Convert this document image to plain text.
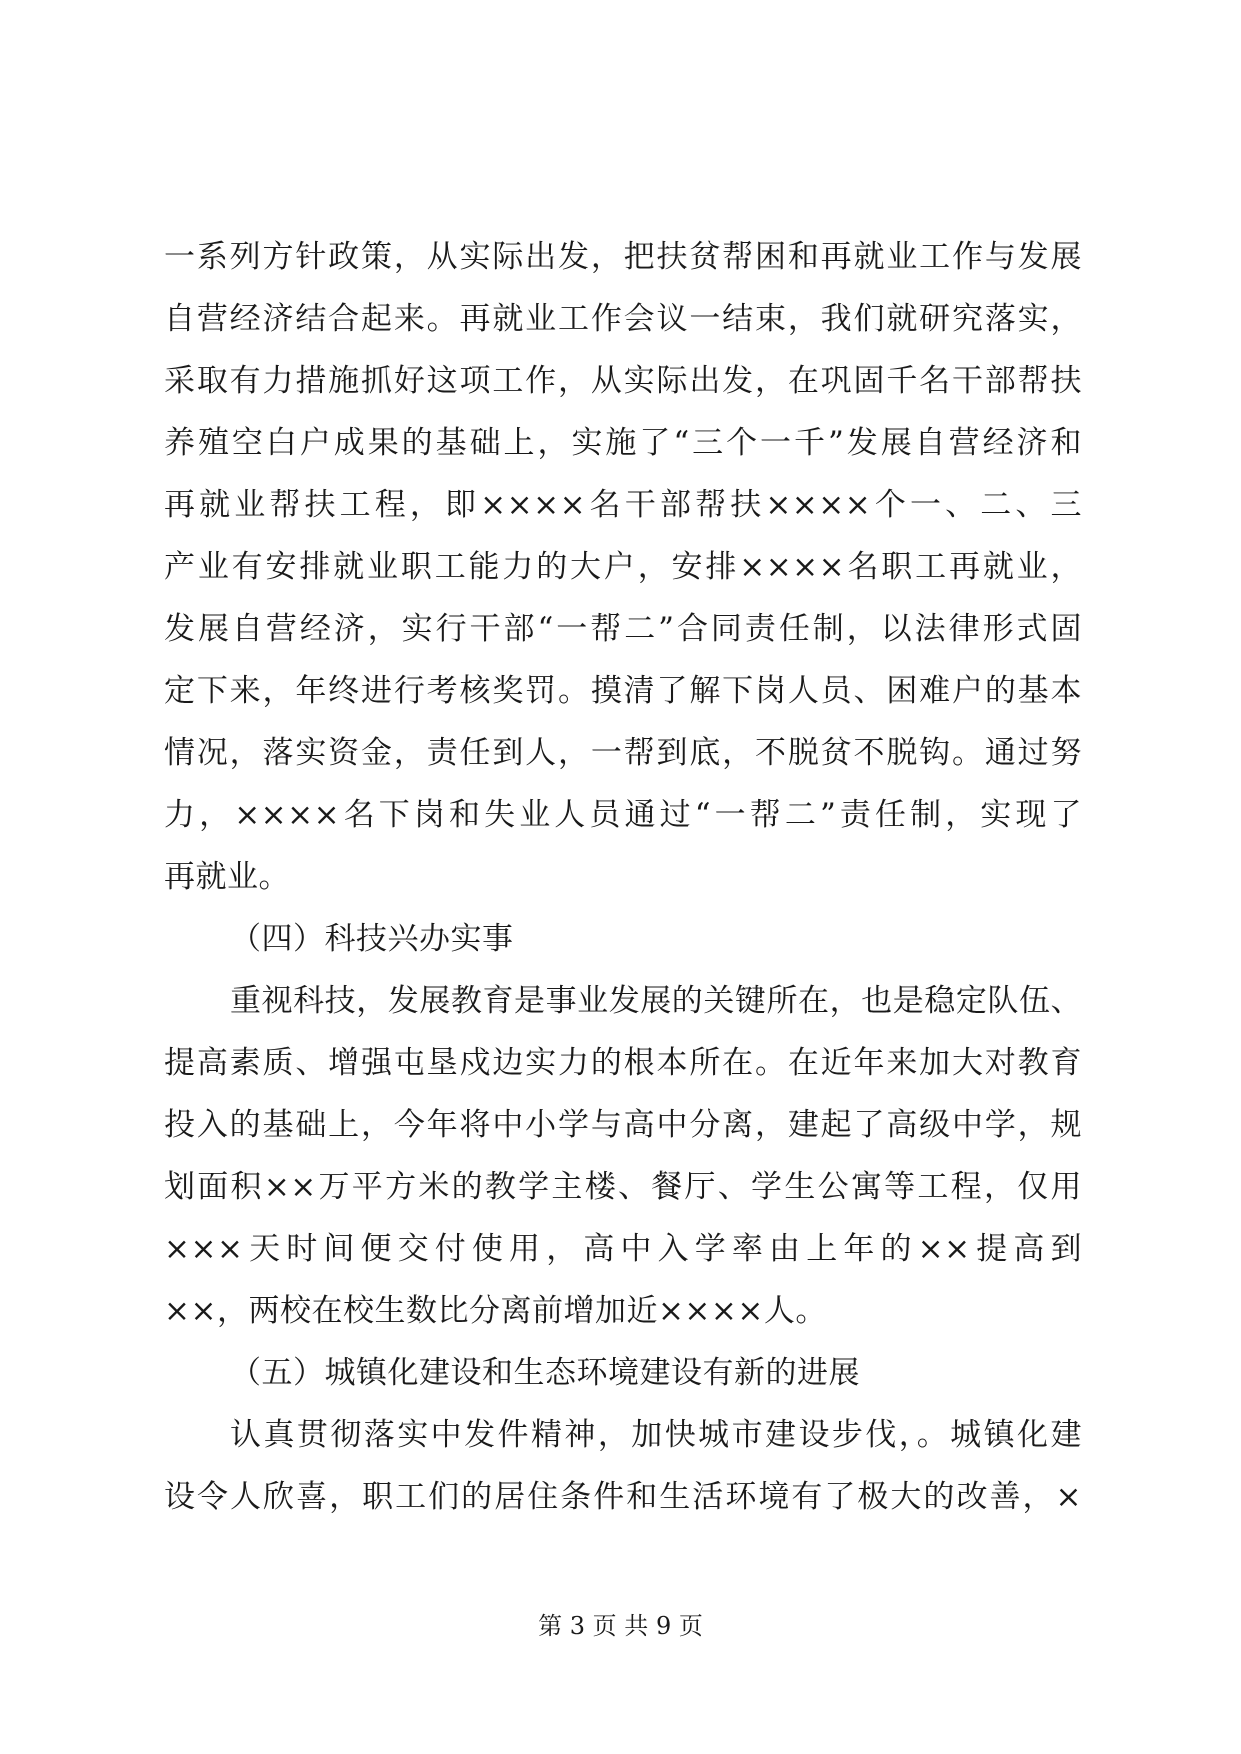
一系列方针政策，从实际出发，把扶贫帮困和再就业工作与发展
自营经济结合起来。再就业工作会议一结束，我们就研究落实，
采取有力措施抓好这项工作，从实际出发，在巩固千名干部帮扶
养殖空白户成果的基础上，实施了“三个一千”发展自营经济和
再就业帮扶工程，即××××名干部帮扶××××个一、二、三
产业有安排就业职工能力的大户，安排××××名职工再就业，
发展自营经济，实行干部“一帮二”合同责任制，以法律形式固
定下来，年终进行考核奖罚。摸清了解下岗人员、困难户的基本
情况，落实资金，责任到人，一帮到底，不脱贫不脱钩。通过努
力，××××名下岗和失业人员通过“一帮二”责任制，实现了
再就业。
（四）科技兴办实事
重视科技，发展教育是事业发展的关键所在，也是稳定队伍、
提高素质、增强屯垦戍边实力的根本所在。在近年来加大对教育
投入的基础上，今年将中小学与高中分离，建起了高级中学，规
划面积××万平方米的教学主楼、餐厅、学生公寓等工程，仅用
×××天时间便交付使用，高中入学率由上年的××提高到
××，两校在校生数比分离前增加近××××人。
（五）城镇化建设和生态环境建设有新的进展
认真贯彻落实中发件精神，加快城市建设步伐，。城镇化建
设令人欣喜，职工们的居住条件和生活环境有了极大的改善，×
第 3 页 共 9 页
